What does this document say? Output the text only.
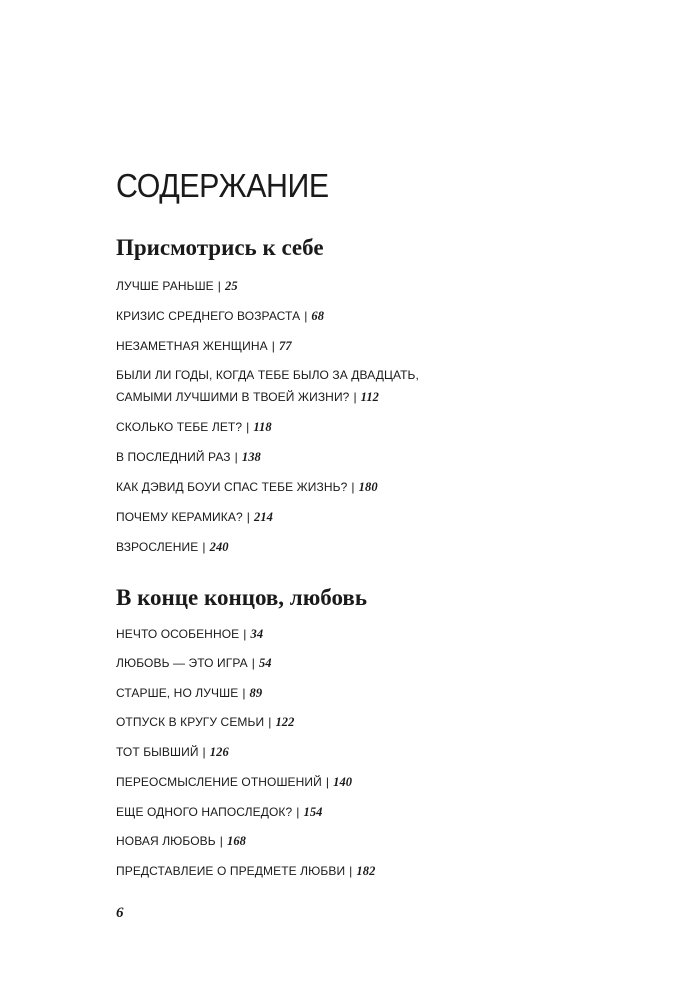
СОДЕРЖАНИЕ
Присмотрись к себе
ЛУЧШЕ РАНЬШЕ | 25
КРИЗИС СРЕДНЕГО ВОЗРАСТА | 68
НЕЗАМЕТНАЯ ЖЕНЩИНА | 77
БЫЛИ ЛИ ГОДЫ, КОГДА ТЕБЕ БЫЛО ЗА ДВАДЦАТЬ,
САМЫМИ ЛУЧШИМИ В ТВОЕЙ ЖИЗНИ? | 112
СКОЛЬКО ТЕБЕ ЛЕТ? | 118
В ПОСЛЕДНИЙ РАЗ | 138
КАК ДЭВИД БОУИ СПАС ТЕБЕ ЖИЗНЬ? | 180
ПОЧЕМУ КЕРАМИКА? | 214
ВЗРОСЛЕНИЕ | 240
В конце концов, любовь
НЕЧТО ОСОБЕННОЕ | 34
ЛЮБОВЬ — ЭТО ИГРА | 54
СТАРШЕ, НО ЛУЧШЕ | 89
ОТПУСК В КРУГУ СЕМЬИ | 122
ТОТ БЫВШИЙ | 126
ПЕРЕОСМЫСЛЕНИЕ ОТНОШЕНИЙ | 140
ЕЩЕ ОДНОГО НАПОСЛЕДОК? | 154
НОВАЯ ЛЮБОВЬ | 168
ПРЕДСТАВЛЕИЕ О ПРЕДМЕТЕ ЛЮБВИ | 182
6
